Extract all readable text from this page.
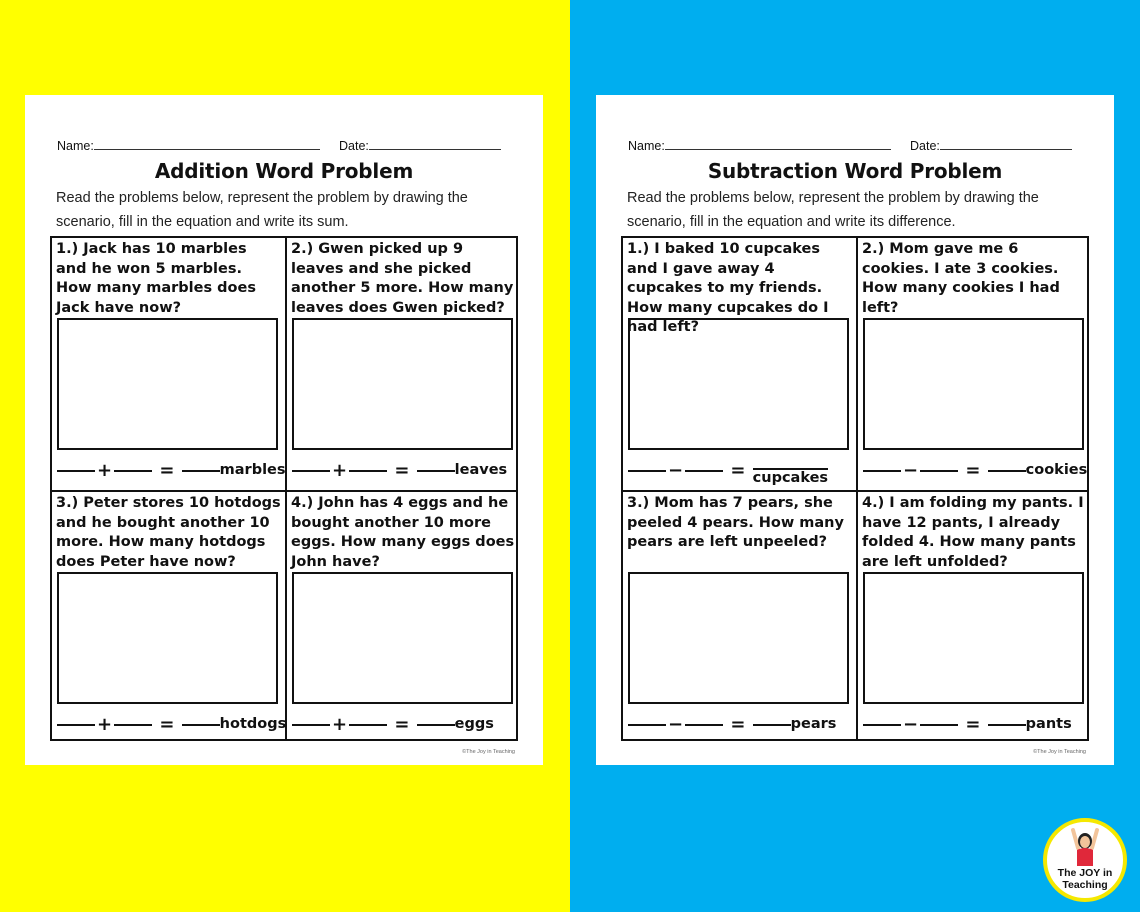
Name:	Date:
Addition Word Problem
Read the problems below, represent the problem by drawing the scenario, fill in the equation and write its sum.
1.) Jack has 10 marbles and he won 5 marbles. How many marbles does Jack have now?
+	=	marbles
2.) Gwen picked up 9 leaves and she picked another 5 more. How many leaves does Gwen picked?
+	=	leaves
3.) Peter stores 10 hotdogs and he bought another 10 more. How many hotdogs does Peter have now?
+	=	hotdogs
4.) John has 4 eggs and he bought another 10 more eggs. How many eggs does John have?
+	=	eggs
©The Joy in Teaching
Name:	Date:
Subtraction Word Problem
Read the problems below, represent the problem by drawing the scenario, fill in the equation and write its difference.
1.) I baked 10 cupcakes and I gave away 4 cupcakes to my friends. How many cupcakes do I had left?
−	= cupcakes
2.) Mom gave me 6 cookies. I ate 3 cookies. How many cookies I had left?
−	=	cookies
3.) Mom has 7 pears, she peeled 4 pears. How many pears are left unpeeled?
−	=	pears
4.) I am folding my pants. I have 12 pants, I already folded 4. How many pants are left unfolded?
−	=	pants
©The Joy in Teaching
The JOY in
Teaching
